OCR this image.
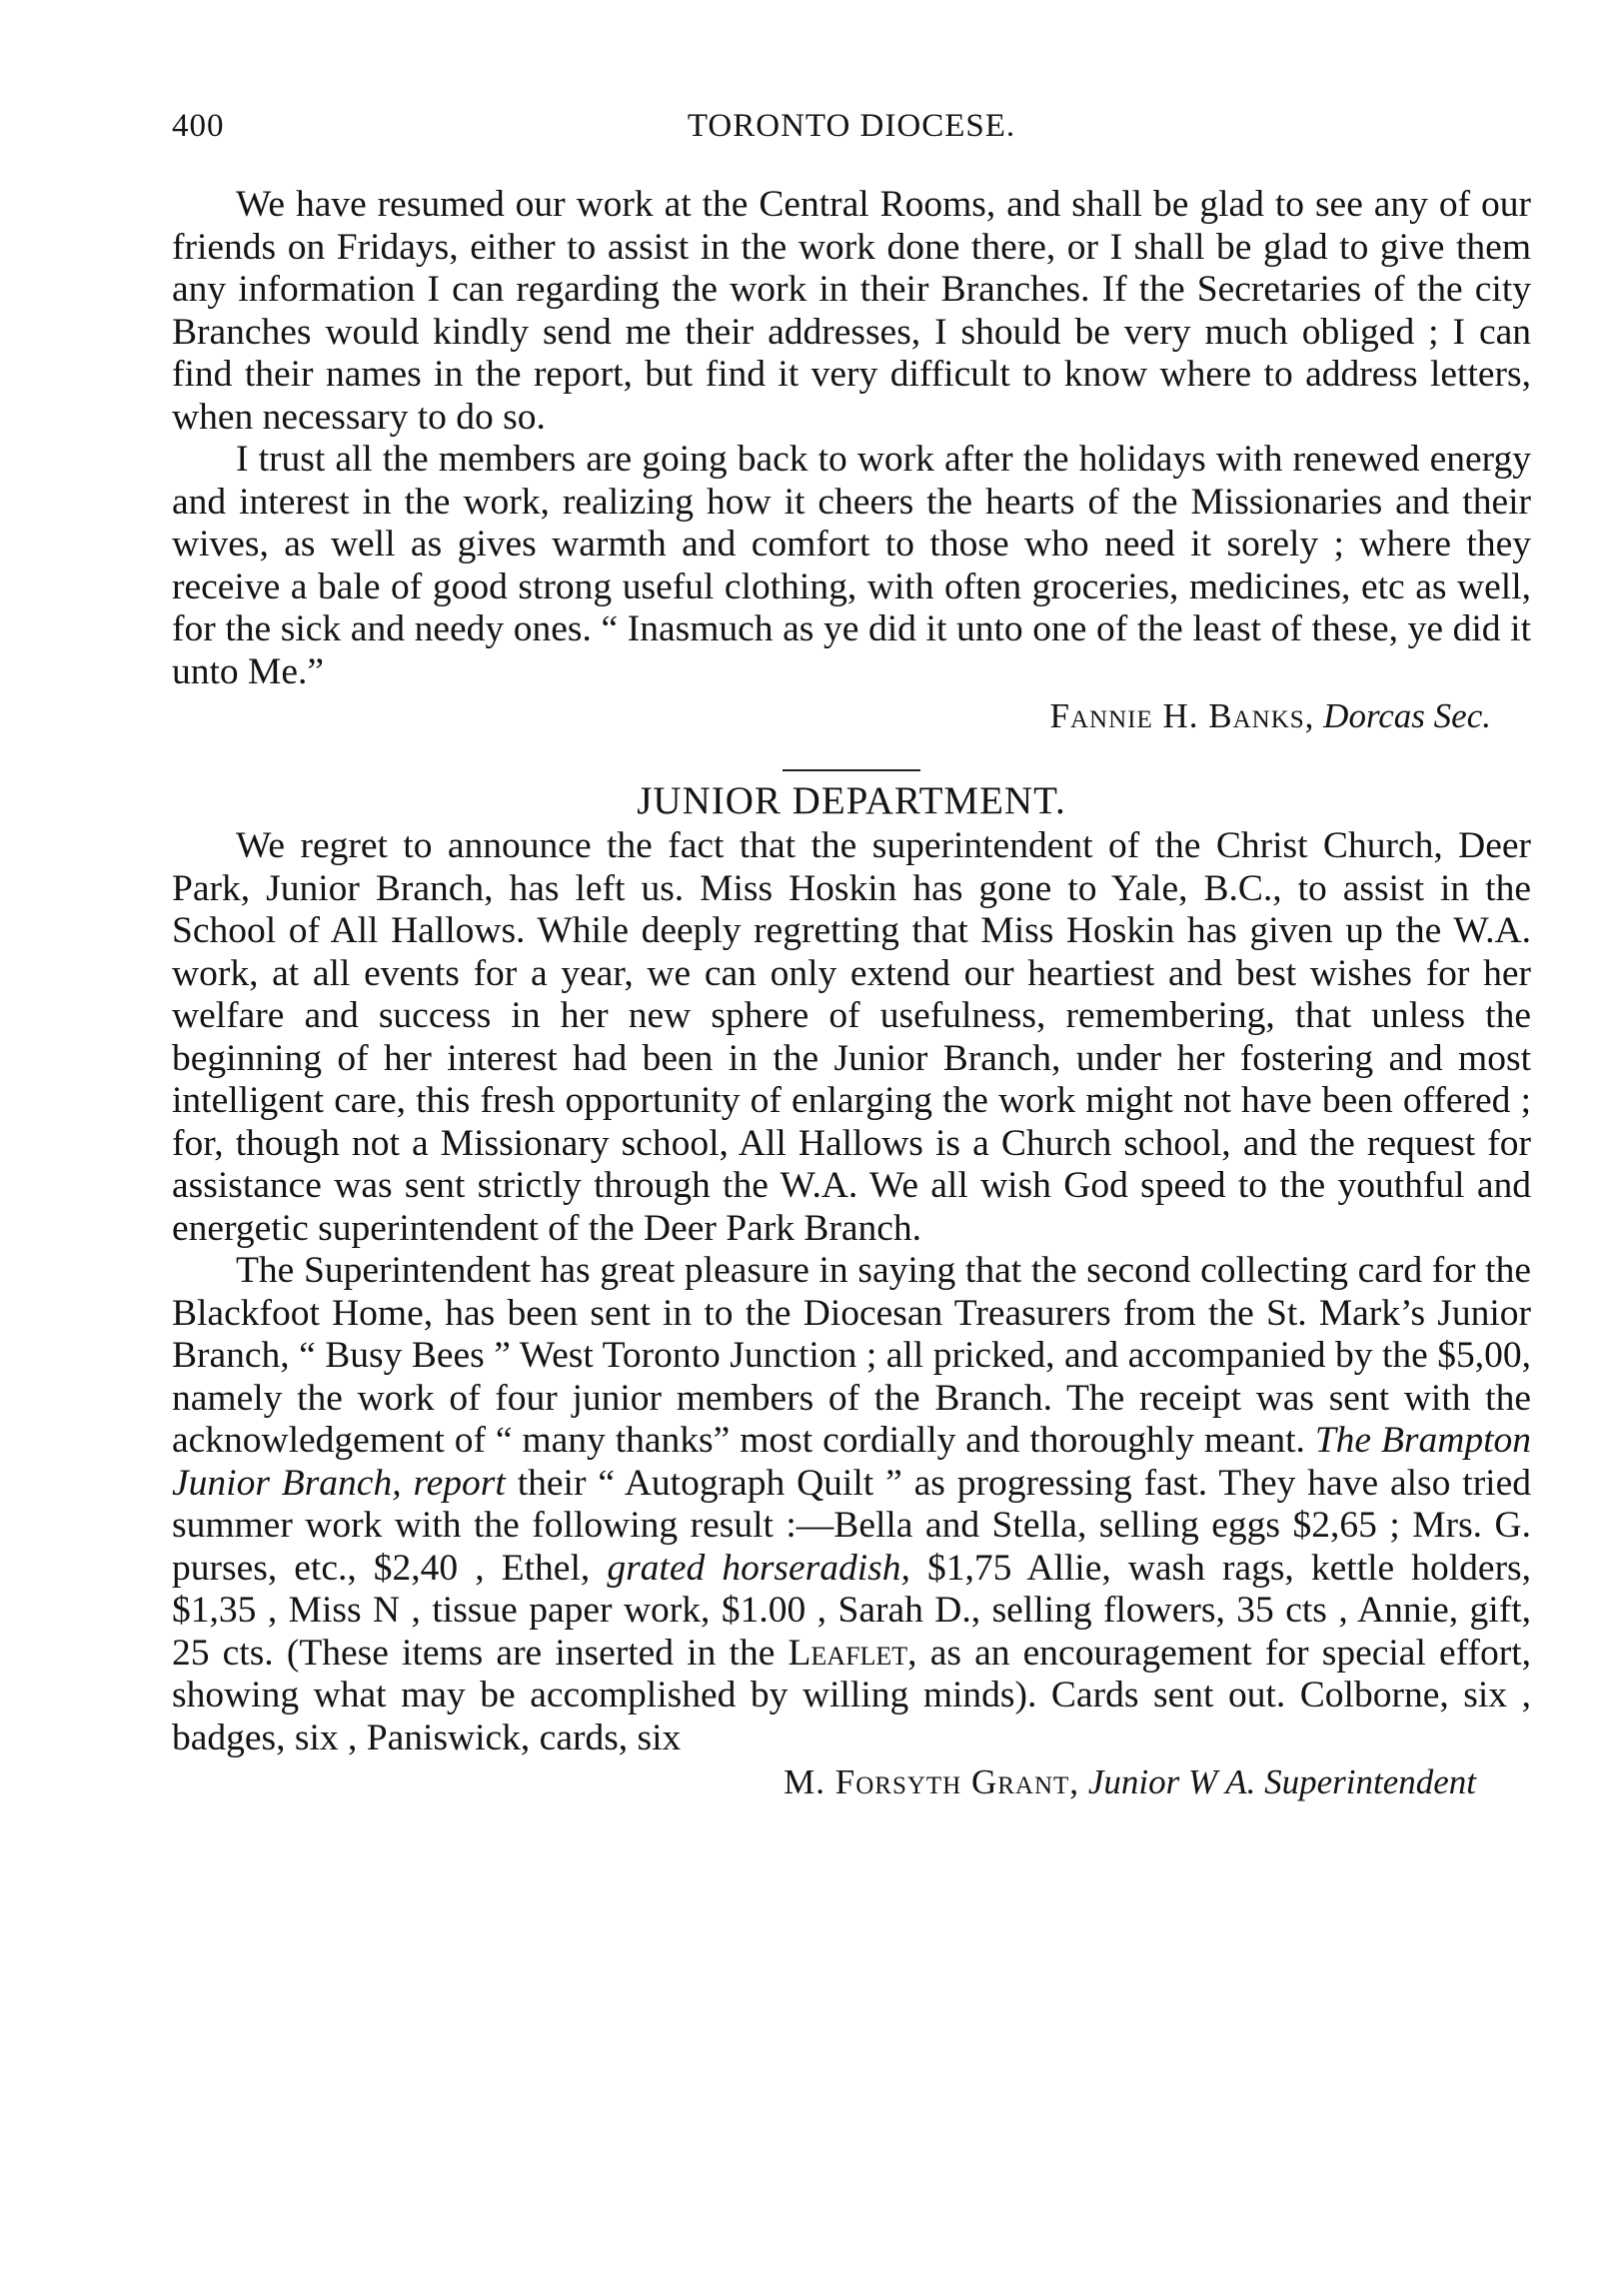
400	TORONTO DIOCESE.

We have resumed our work at the Central Rooms, and shall be glad to see any of our friends on Fridays, either to assist in the work done there, or I shall be glad to give them any information I can regarding the work in their Branches. If the Secretaries of the city Branches would kindly send me their addresses, I should be very much obliged ; I can find their names in the report, but find it very difficult to know where to address letters, when necessary to do so.

I trust all the members are going back to work after the holidays with renewed energy and interest in the work, realizing how it cheers the hearts of the Missionaries and their wives, as well as gives warmth and comfort to those who need it sorely ; where they receive a bale of good strong useful clothing, with often groceries, medicines, etc as well, for the sick and needy ones. “ Inasmuch as ye did it unto one of the least of these, ye did it unto Me.”

Fannie H. Banks, Dorcas Sec.
JUNIOR DEPARTMENT.

We regret to announce the fact that the superintendent of the Christ Church, Deer Park, Junior Branch, has left us. Miss Hoskin has gone to Yale, B.C., to assist in the School of All Hallows. While deeply regretting that Miss Hoskin has given up the W.A. work, at all events for a year, we can only extend our heartiest and best wishes for her welfare and success in her new sphere of usefulness, remembering, that unless the beginning of her interest had been in the Junior Branch, under her fostering and most intelligent care, this fresh opportunity of enlarging the work might not have been offered ; for, though not a Missionary school, All Hallows is a Church school, and the request for assistance was sent strictly through the W.A. We all wish God speed to the youthful and energetic superintendent of the Deer Park Branch.

The Superintendent has great pleasure in saying that the second collecting card for the Blackfoot Home, has been sent in to the Diocesan Treasurers from the St. Mark’s Junior Branch, “ Busy Bees ” West Toronto Junction ; all pricked, and accompanied by the $5,00, namely the work of four junior members of the Branch. The receipt was sent with the acknowledgement of “ many thanks” most cordially and thoroughly meant. The Brampton Junior Branch, report their “ Autograph Quilt ” as progressing fast. They have also tried summer work with the following result :—Bella and Stella, selling eggs $2,65 ; Mrs. G. purses, etc., $2,40 , Ethel, grated horseradish, $1,75 Allie, wash rags, kettle holders, $1,35 , Miss N , tissue paper work, $1.00 , Sarah D., selling flowers, 35 cts , Annie, gift, 25 cts. (These items are inserted in the Leaflet, as an encouragement for special effort, showing what may be accomplished by willing minds). Cards sent out. Colborne, six , badges, six , Paniswick, cards, six

M. Forsyth Grant, Junior W A. Superintendent
